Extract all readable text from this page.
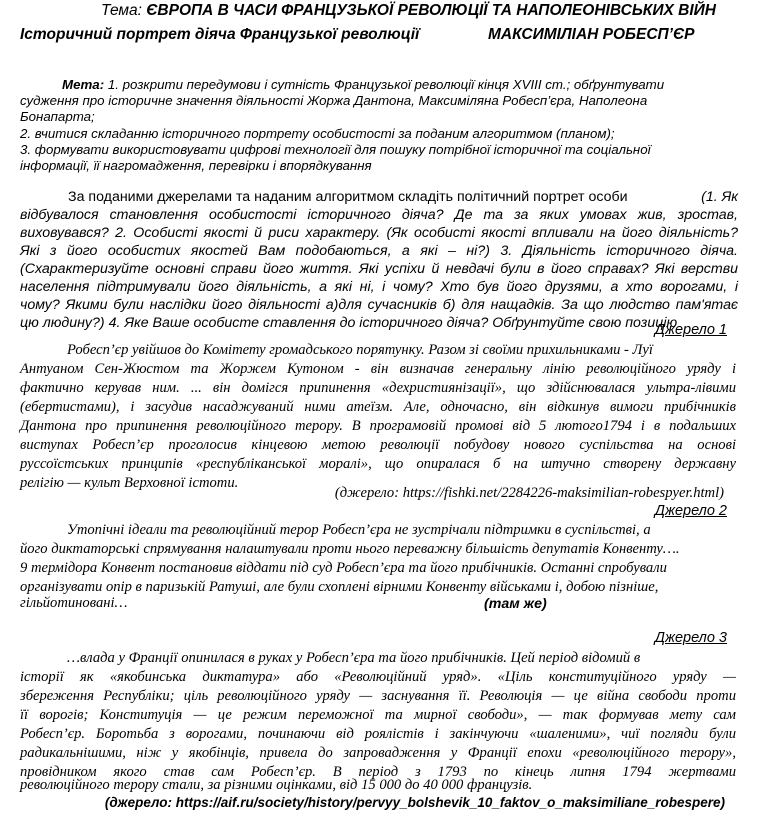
Тема: ЄВРОПА В ЧАСИ ФРАНЦУЗЬКОЇ РЕВОЛЮЦІЇ ТА НАПОЛЕОНІВСЬКИХ ВІЙН
Історичний портрет діяча Французької революції	МАКСИМІЛІАН РОБЕСП’ЄР
Мета: 1. розкрити передумови і сутність Французької революції кінця XVIII ст.; обґрунтувати
судження про історичне значення діяльності Жоржа Дантона, Максиміляна Робесп’єра, Наполеона
Бонапарта;
2. вчитися складанню історичного портрету особистості за поданим алгоритмом (планом);
3. формувати використовувати цифрові технології для пошуку потрібної історичної та соціальної
інформації, її нагромадження, перевірки і впорядкування
За поданими джерелами та наданим алгоритмом складіть політичний портрет особи	(1. Як
відбувалося становлення особистості історичного діяча? Де та за яких умовах жив, зростав,
виховувався? 2. Особисті якості й риси характеру. (Як особисті якості впливали на його діяльність?
Які з його особистих якостей Вам подобаються, а які – ні?) 3. Діяльність історичного діяча.
(Схарактеризуйте основні справи його життя. Які успіхи й невдачі були в його справах? Які верстви
населення підтримували його діяльність, а які ні, і чому? Хто був його друзями, а хто ворогами, і
чому? Якими були наслідки його діяльності а)для сучасників б) для нащадків. За що людство пам'ятає
цю людину?) 4. Яке Ваше особисте ставлення до історичного діяча? Обґрунтуйте свою позицію
Джерело 1
Робесп’єр увійшов до Комітету громадського порятунку. Разом зі своїми прихильниками - Луї
Антуаном Сен-Жюстом та Жоржем Кутоном - він визначав генеральну лінію революційного уряду і
фактично керував ним. ... він домігся припинення «дехристиянізації», що здійснювалася ультра-лівими
(ебертистами), і засудив насаджуваний ними атеїзм. Але, одночасно, він відкинув вимоги прибічників
Дантона про припинення революційного терору. В програмовій промові від 5 лютого1794 і в подальших
виступах Робесп’єр проголосив кінцевою метою революції побудову нового суспільства на основі
руссоїстських принципів «республіканської моралі», що опиралася б на штучно створену державну
релігію — культ Верховної істоти.
(джерело: https://fishki.net/2284226-maksimilian-robespyer.html)
Джерело 2
Утопічні ідеали та революційний терор Робесп’єра не зустрічали підтримки в суспільстві, а
його диктаторські спрямування налаштували проти нього переважну більшість депутатів Конвенту….
9 термідора Конвент постановив віддати під суд Робесп’єра та його прибічників. Останні спробували
організувати опір в паризькій Ратуші, але були схоплені вірними Конвенту військами і, добою пізніше,
гільйотиновані…	(там же)
Джерело 3
…влада у Франції опинилася в руках у Робесп’єра та його прибічників. Цей період відомий в
історії як «якобинська диктатура» або «Революційний уряд». «Ціль конституційного уряду —
збереження Республіки; ціль революційного уряду — заснування її. Революція — це війна свободи проти
її ворогів; Конституція — це режим переможної та мирної свободи», — так формував мету сам
Робесп’єр. Боротьба з ворогами, починаючи від роялістів і закінчуючи «шаленими», чиї погляди були
радикальнішими, ніж у якобінців, привела до запровадження у Франції епохи «революційного терору»,
провідником якого став сам Робесп’єр. В період з 1793 по кінець липня 1794 жертвами
революційного терору стали, за різними оцінками, від 15 000 до 40 000 французів.
(джерело: https://aif.ru/society/history/pervyy_bolshevik_10_faktov_o_maksimiliane_robespere)
